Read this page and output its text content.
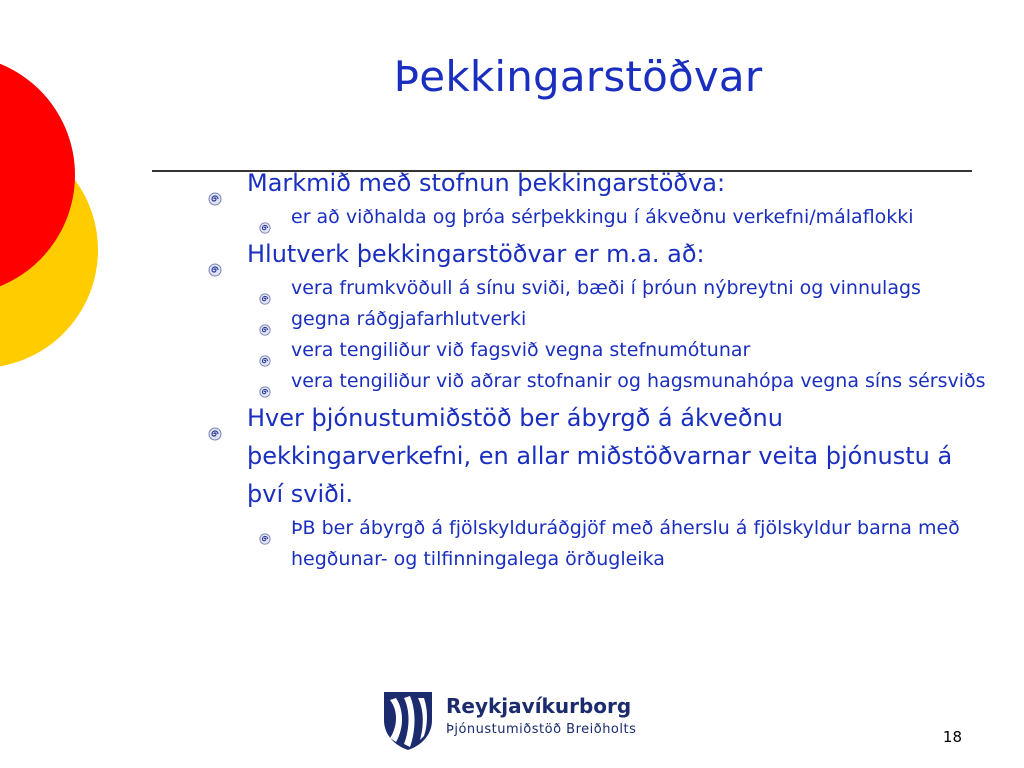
Þekkingarstöðvar
Markmið með stofnun þekkingarstöðva:
er að viðhalda og þróa sérþekkingu í ákveðnu verkefni/málaflokki
Hlutverk þekkingarstöðvar er m.a. að:
vera frumkvöðull á sínu sviði, bæði í þróun nýbreytni og vinnulags
gegna ráðgjafarhlutverki
vera tengiliður við fagsvið vegna stefnumótunar
vera tengiliður við aðrar stofnanir og hagsmunahópa vegna síns sérsviðs
Hver þjónustumiðstöð ber ábyrgð á ákveðnu þekkingarverkefni, en allar miðstöðvarnar veita þjónustu á því sviði.
ÞB ber ábyrgð á fjölskylduráðgjöf með áherslu á fjölskyldur barna með hegðunar- og tilfinningalega örðugleika
Reykjavíkurborg
Þjónustumiðstöð Breiðholts	18
